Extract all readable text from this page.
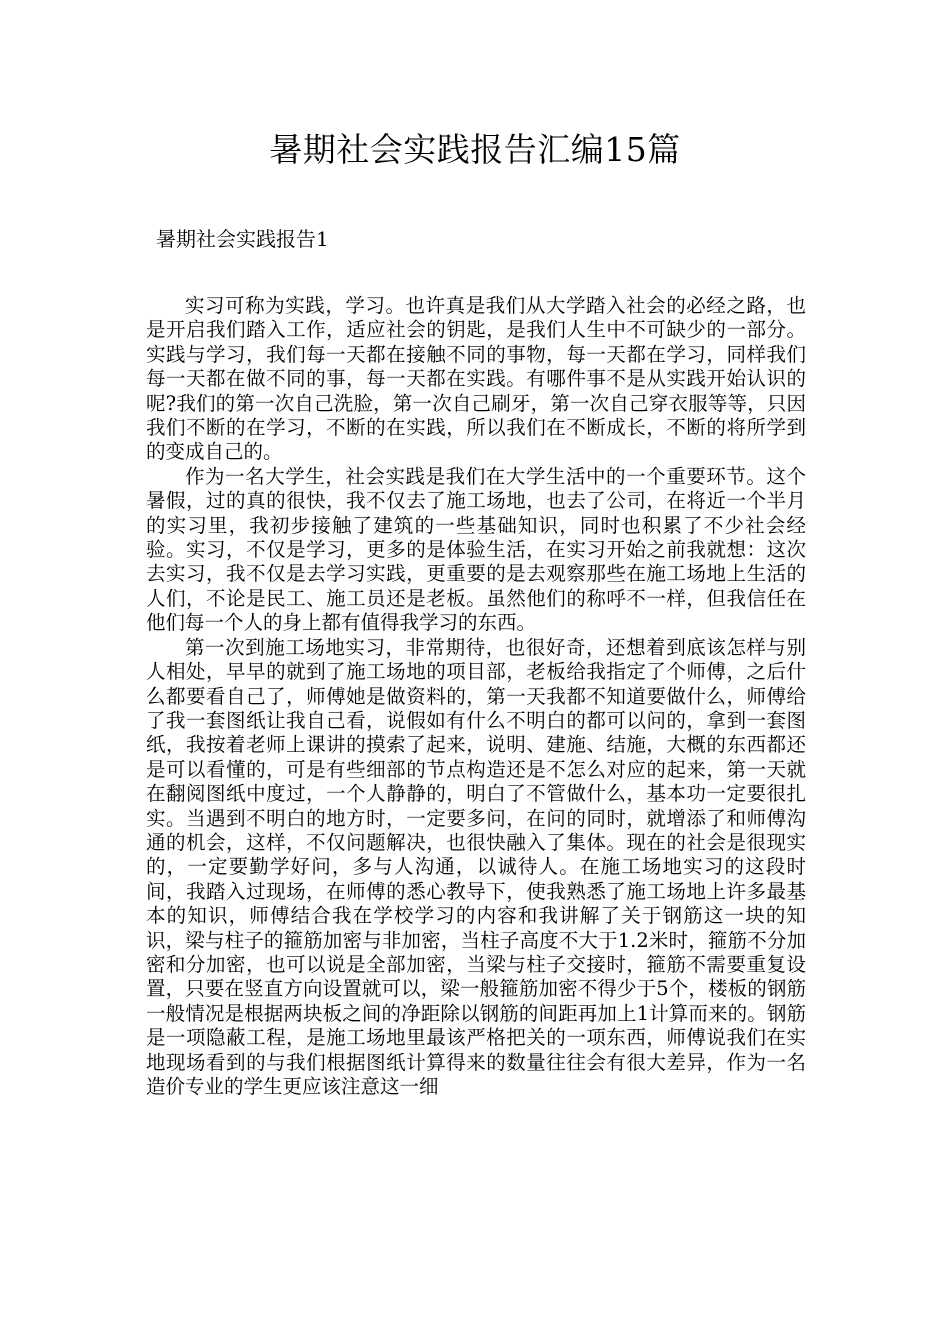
暑期社会实践报告汇编15篇
暑期社会实践报告1

实习可称为实践，学习。也许真是我们从大学踏入社会的必经之路，也是开启我们踏入工作，适应社会的钥匙，是我们人生中不可缺少的一部分。实践与学习，我们每一天都在接触不同的事物，每一天都在学习，同样我们每一天都在做不同的事，每一天都在实践。有哪件事不是从实践开始认识的呢?我们的第一次自己洗脸，第一次自己刷牙，第一次自己穿衣服等等，只因我们不断的在学习，不断的在实践，所以我们在不断成长，不断的将所学到的变成自己的。

作为一名大学生，社会实践是我们在大学生活中的一个重要环节。这个暑假，过的真的很快，我不仅去了施工场地，也去了公司，在将近一个半月的实习里，我初步接触了建筑的一些基础知识，同时也积累了不少社会经验。实习，不仅是学习，更多的是体验生活，在实习开始之前我就想：这次去实习，我不仅是去学习实践，更重要的是去观察那些在施工场地上生活的人们，不论是民工、施工员还是老板。虽然他们的称呼不一样，但我信任在他们每一个人的身上都有值得我学习的东西。

第一次到施工场地实习，非常期待，也很好奇，还想着到底该怎样与别人相处，早早的就到了施工场地的项目部，老板给我指定了个师傅，之后什么都要看自己了，师傅她是做资料的，第一天我都不知道要做什么，师傅给了我一套图纸让我自己看，说假如有什么不明白的都可以问的，拿到一套图纸，我按着老师上课讲的摸索了起来，说明、建施、结施，大概的东西都还是可以看懂的，可是有些细部的节点构造还是不怎么对应的起来，第一天就在翻阅图纸中度过，一个人静静的，明白了不管做什么，基本功一定要很扎实。当遇到不明白的地方时，一定要多问，在问的同时，就增添了和师傅沟通的机会，这样，不仅问题解决，也很快融入了集体。现在的社会是很现实的，一定要勤学好问，多与人沟通，以诚待人。在施工场地实习的这段时间，我踏入过现场，在师傅的悉心教导下，使我熟悉了施工场地上许多最基本的知识，师傅结合我在学校学习的内容和我讲解了关于钢筋这一块的知识，梁与柱子的箍筋加密与非加密，当柱子高度不大于1.2米时，箍筋不分加密和分加密，也可以说是全部加密，当梁与柱子交接时，箍筋不需要重复设置，只要在竖直方向设置就可以，梁一般箍筋加密不得少于5个，楼板的钢筋一般情况是根据两块板之间的净距除以钢筋的间距再加上1计算而来的。钢筋是一项隐蔽工程，是施工场地里最该严格把关的一项东西，师傅说我们在实地现场看到的与我们根据图纸计算得来的数量往往会有很大差异，作为一名造价专业的学生更应该注意这一细
